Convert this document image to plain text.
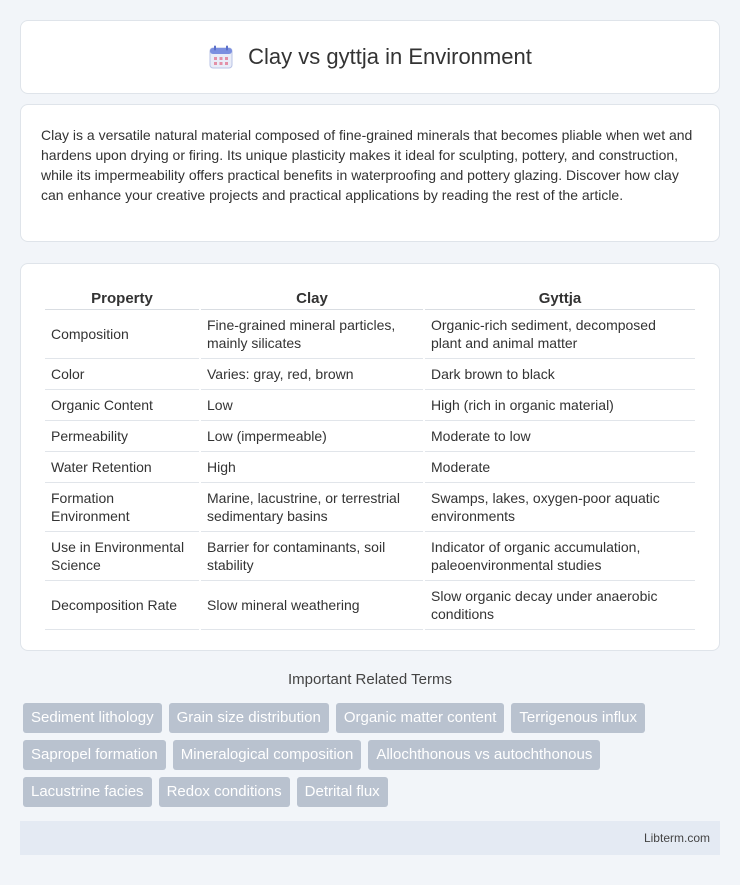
Clay vs gyttja in Environment

Clay is a versatile natural material composed of fine-grained minerals that becomes pliable when wet and hardens upon drying or firing. Its unique plasticity makes it ideal for sculpting, pottery, and construction, while its impermeability offers practical benefits in waterproofing and pottery glazing. Discover how clay can enhance your creative projects and practical applications by reading the rest of the article.

Property	Clay	Gyttja
Composition	Fine-grained mineral particles, mainly silicates	Organic-rich sediment, decomposed plant and animal matter
Color	Varies: gray, red, brown	Dark brown to black
Organic Content	Low	High (rich in organic material)
Permeability	Low (impermeable)	Moderate to low
Water Retention	High	Moderate
Formation Environment	Marine, lacustrine, or terrestrial sedimentary basins	Swamps, lakes, oxygen-poor aquatic environments
Use in Environmental Science	Barrier for contaminants, soil stability	Indicator of organic accumulation, paleoenvironmental studies
Decomposition Rate	Slow mineral weathering	Slow organic decay under anaerobic conditions
Important Related Terms
Sediment lithology	Grain size distribution	Organic matter content	Terrigenous influx
Sapropel formation	Mineralogical composition	Allochthonous vs autochthonous
Lacustrine facies	Redox conditions	Detrital flux
Libterm.com
